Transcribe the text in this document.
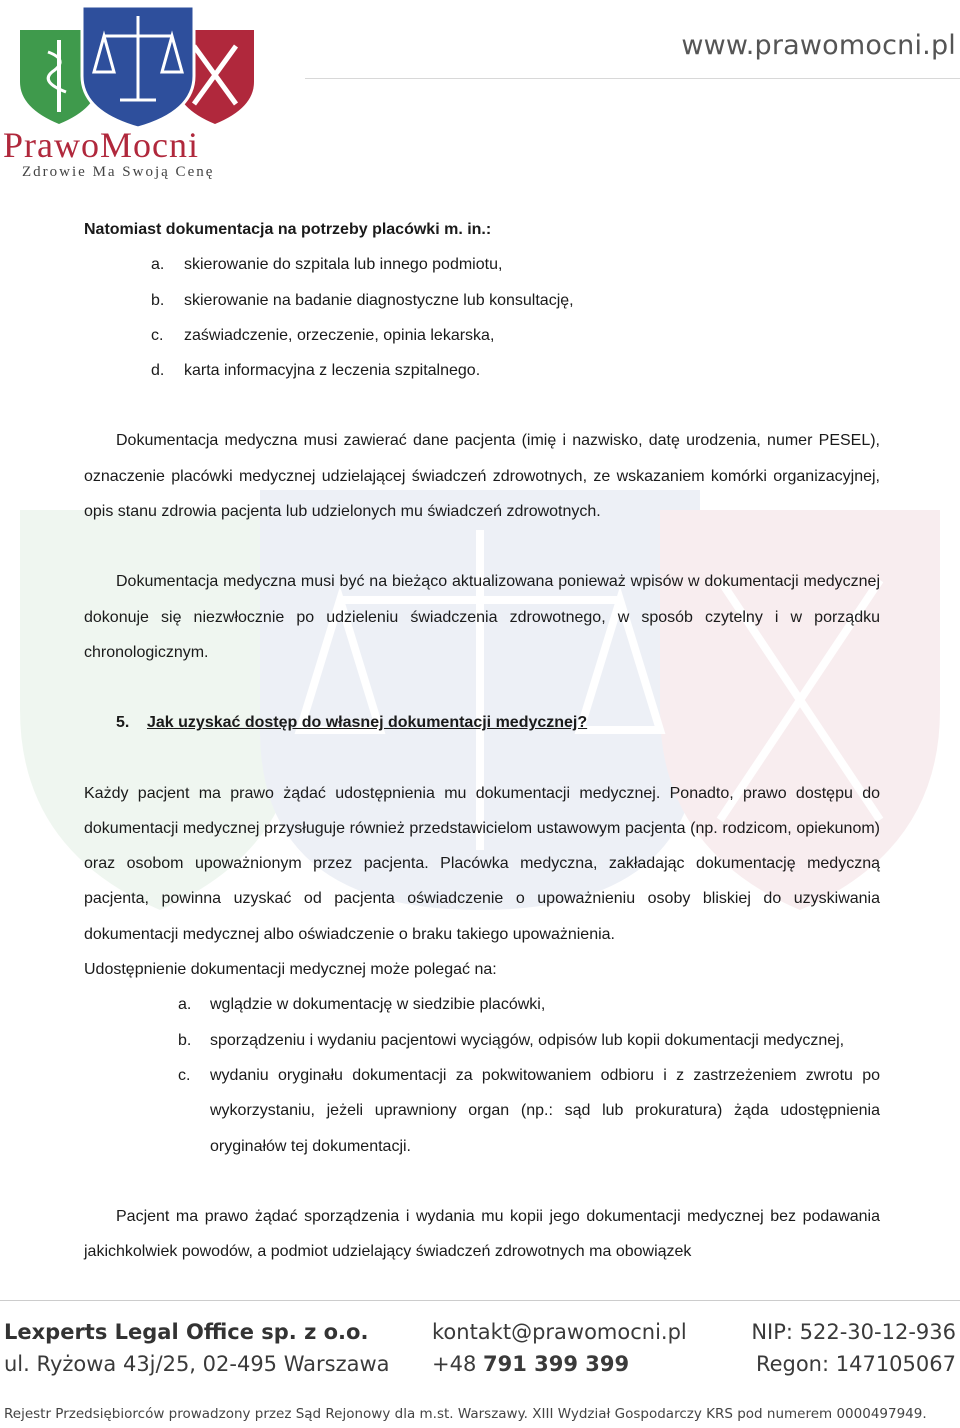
PrawoMocni
Zdrowie Ma Swoją Cenę
www.prawomocni.pl

Natomiast dokumentacja na potrzeby placówki m. in.:

a. skierowanie do szpitala lub innego podmiotu,
b. skierowanie na badanie diagnostyczne lub konsultację,
c. zaświadczenie, orzeczenie, opinia lekarska,
d. karta informacyjna z leczenia szpitalnego.

Dokumentacja medyczna musi zawierać dane pacjenta (imię i nazwisko, datę urodzenia, numer PESEL), oznaczenie placówki medycznej udzielającej świadczeń zdrowotnych, ze wskazaniem komórki organizacyjnej, opis stanu zdrowia pacjenta lub udzielonych mu świadczeń zdrowotnych.

Dokumentacja medyczna musi być na bieżąco aktualizowana ponieważ wpisów w dokumentacji medycznej dokonuje się niezwłocznie po udzieleniu świadczenia zdrowotnego, w sposób czytelny i w porządku chronologicznym.

5. Jak uzyskać dostęp do własnej dokumentacji medycznej?

Każdy pacjent ma prawo żądać udostępnienia mu dokumentacji medycznej. Ponadto, prawo dostępu do dokumentacji medycznej przysługuje również przedstawicielom ustawowym pacjenta (np. rodzicom, opiekunom) oraz osobom upoważnionym przez pacjenta. Placówka medyczna, zakładając dokumentację medyczną pacjenta, powinna uzyskać od pacjenta oświadczenie o upoważnieniu osoby bliskiej do uzyskiwania dokumentacji medycznej albo oświadczenie o braku takiego upoważnienia.

Udostępnienie dokumentacji medycznej może polegać na:

a. wglądzie w dokumentację w siedzibie placówki,
b. sporządzeniu i wydaniu pacjentowi wyciągów, odpisów lub kopii dokumentacji medycznej,
c. wydaniu oryginału dokumentacji za pokwitowaniem odbioru i z zastrzeżeniem zwrotu po wykorzystaniu, jeżeli uprawniony organ (np.: sąd lub prokuratura) żąda udostępnienia oryginałów tej dokumentacji.

Pacjent ma prawo żądać sporządzenia i wydania mu kopii jego dokumentacji medycznej bez podawania jakichkolwiek powodów, a podmiot udzielający świadczeń zdrowotnych ma obowiązek

Lexperts Legal Office sp. z o.o.
ul. Ryżowa 43j/25, 02-495 Warszawa
kontakt@prawomocni.pl
+48 791 399 399
NIP: 522-30-12-936
Regon: 147105067
Rejestr Przedsiębiorców prowadzony przez Sąd Rejonowy dla m.st. Warszawy. XIII Wydział Gospodarczy KRS pod numerem 0000497949.
